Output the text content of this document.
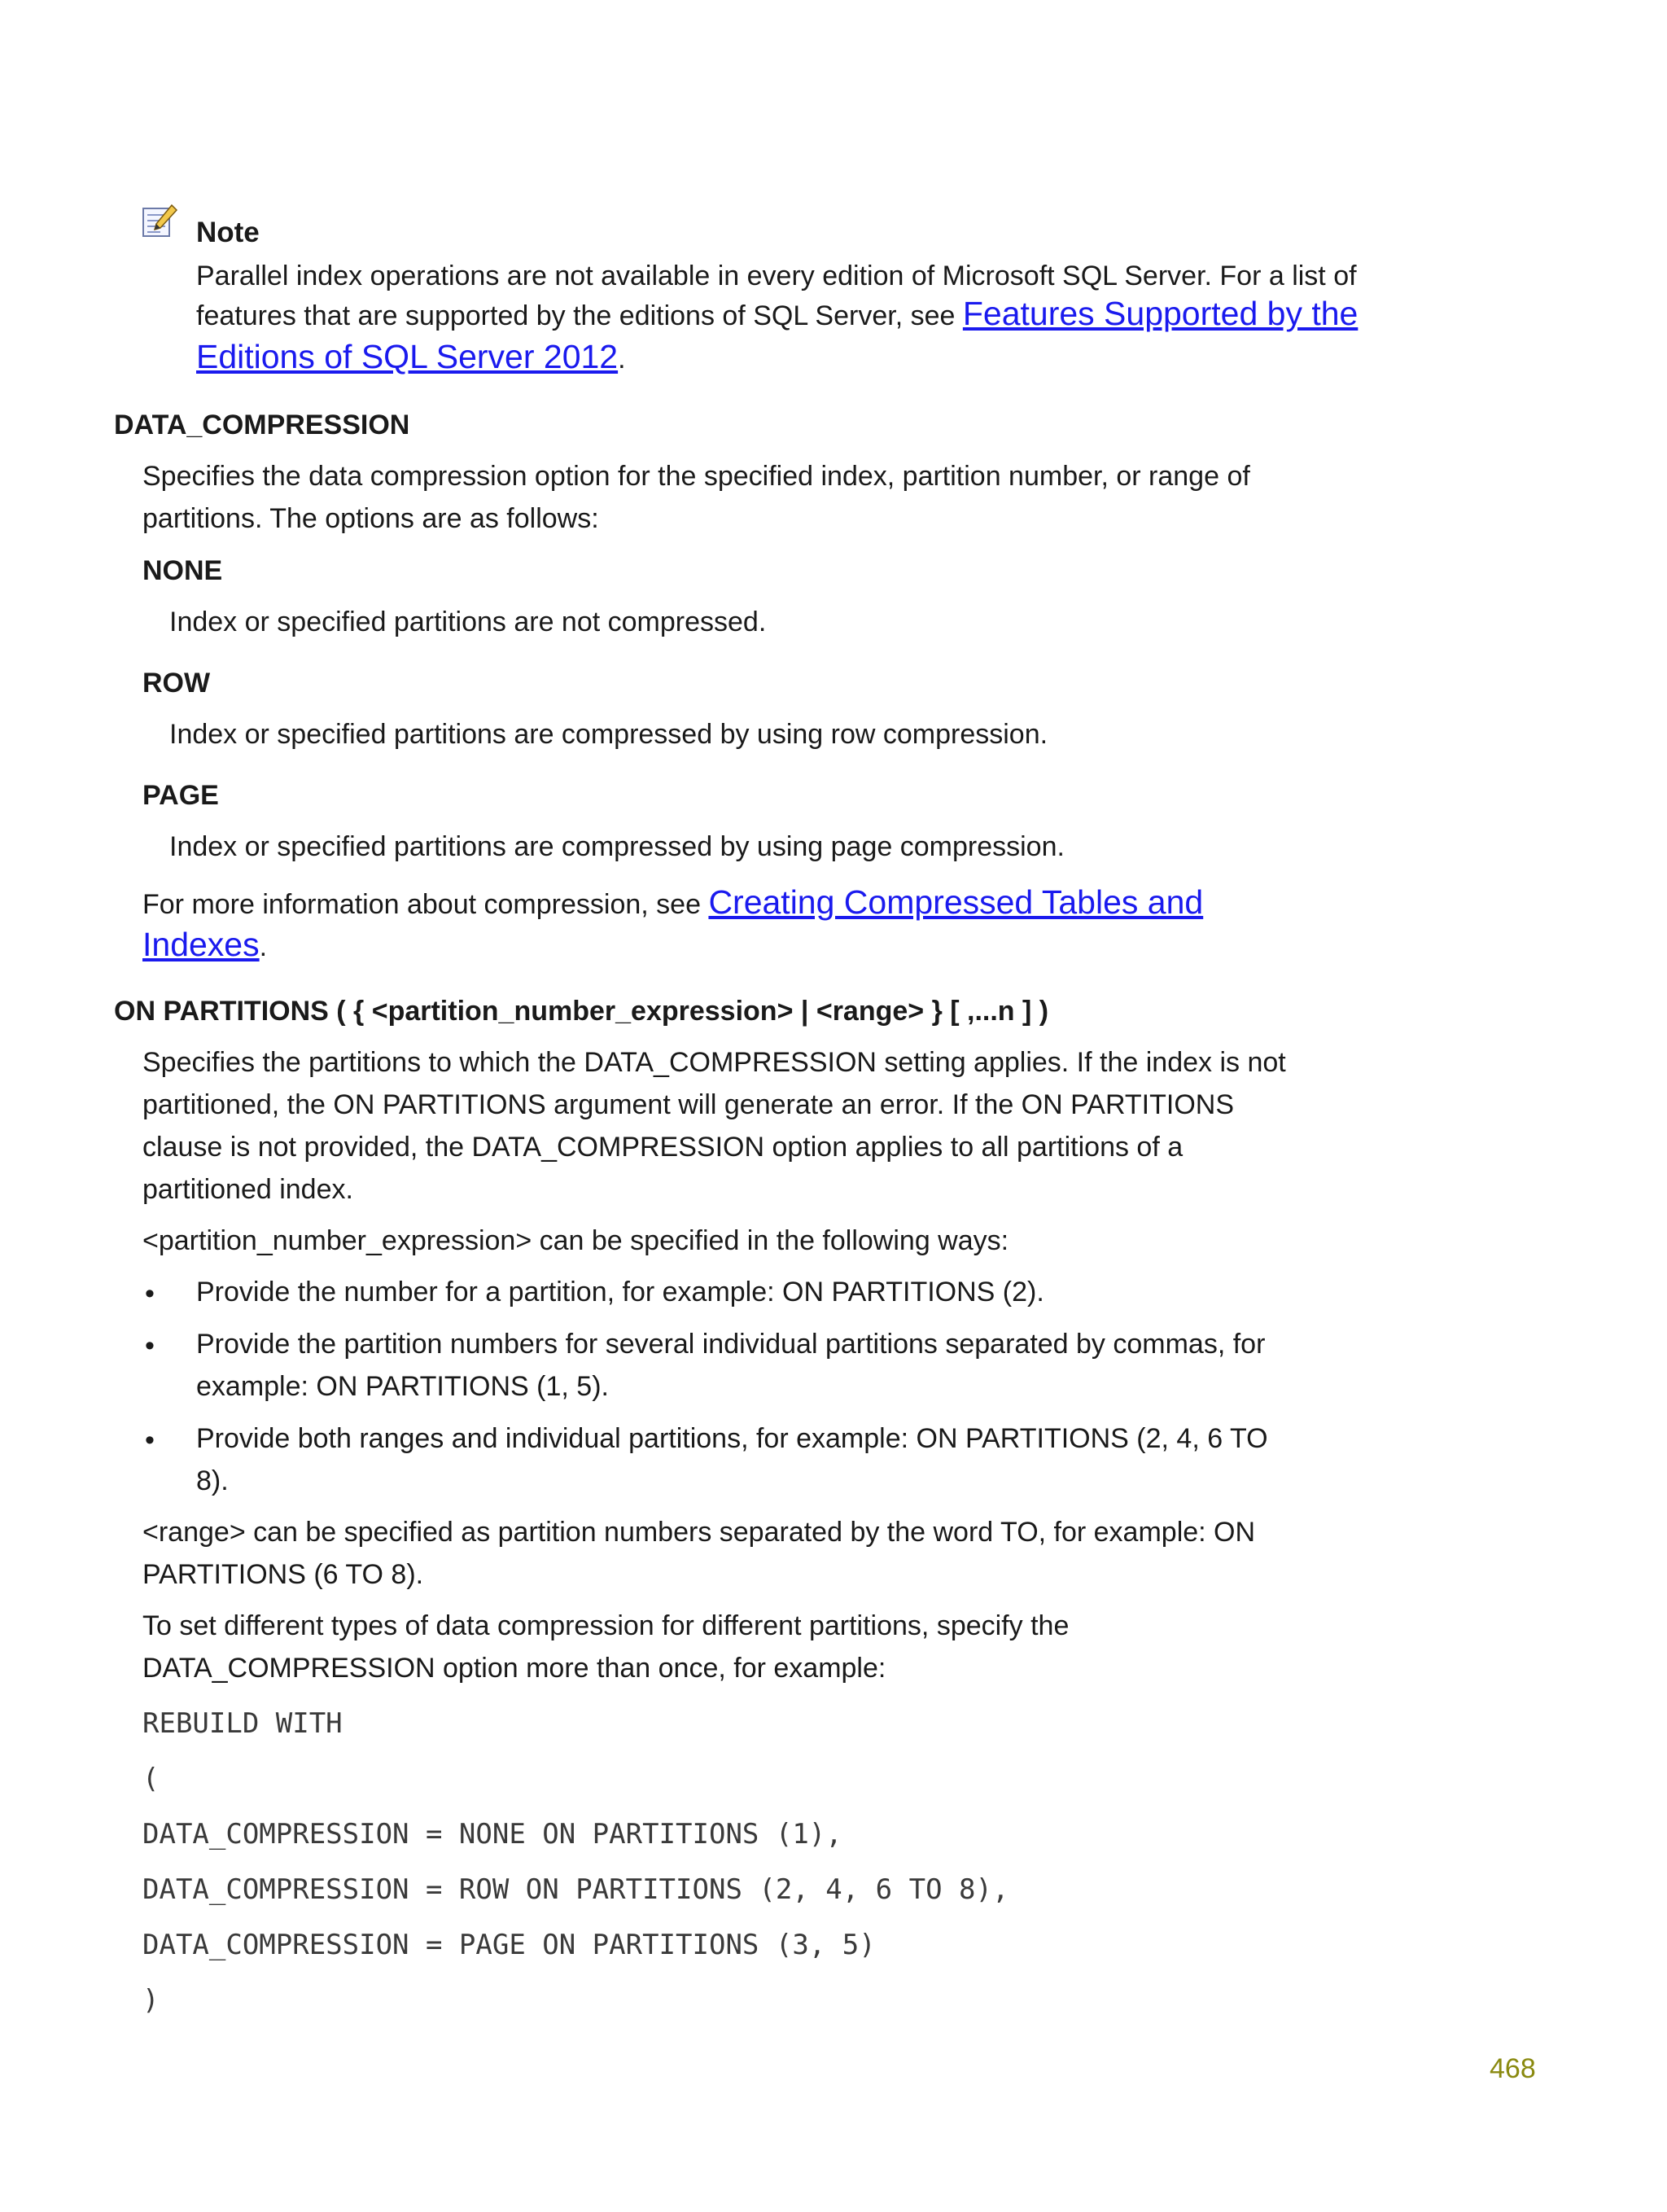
Note
Parallel index operations are not available in every edition of Microsoft SQL Server. For a list of
features that are supported by the editions of SQL Server, see Features Supported by the
Editions of SQL Server 2012.
DATA_COMPRESSION
Specifies the data compression option for the specified index, partition number, or range of
partitions. The options are as follows:
NONE
Index or specified partitions are not compressed.
ROW
Index or specified partitions are compressed by using row compression.
PAGE
Index or specified partitions are compressed by using page compression.
For more information about compression, see Creating Compressed Tables and
Indexes.
ON PARTITIONS ( { <partition_number_expression> | <range> } [ ,...n ] )
Specifies the partitions to which the DATA_COMPRESSION setting applies. If the index is not
partitioned, the ON PARTITIONS argument will generate an error. If the ON PARTITIONS
clause is not provided, the DATA_COMPRESSION option applies to all partitions of a
partitioned index.
<partition_number_expression> can be specified in the following ways:
• Provide the number for a partition, for example: ON PARTITIONS (2).
• Provide the partition numbers for several individual partitions separated by commas, for
example: ON PARTITIONS (1, 5).
• Provide both ranges and individual partitions, for example: ON PARTITIONS (2, 4, 6 TO
8).
<range> can be specified as partition numbers separated by the word TO, for example: ON
PARTITIONS (6 TO 8).
To set different types of data compression for different partitions, specify the
DATA_COMPRESSION option more than once, for example:
REBUILD WITH
(
DATA_COMPRESSION = NONE ON PARTITIONS (1),
DATA_COMPRESSION = ROW ON PARTITIONS (2, 4, 6 TO 8),
DATA_COMPRESSION = PAGE ON PARTITIONS (3, 5)
)
468
